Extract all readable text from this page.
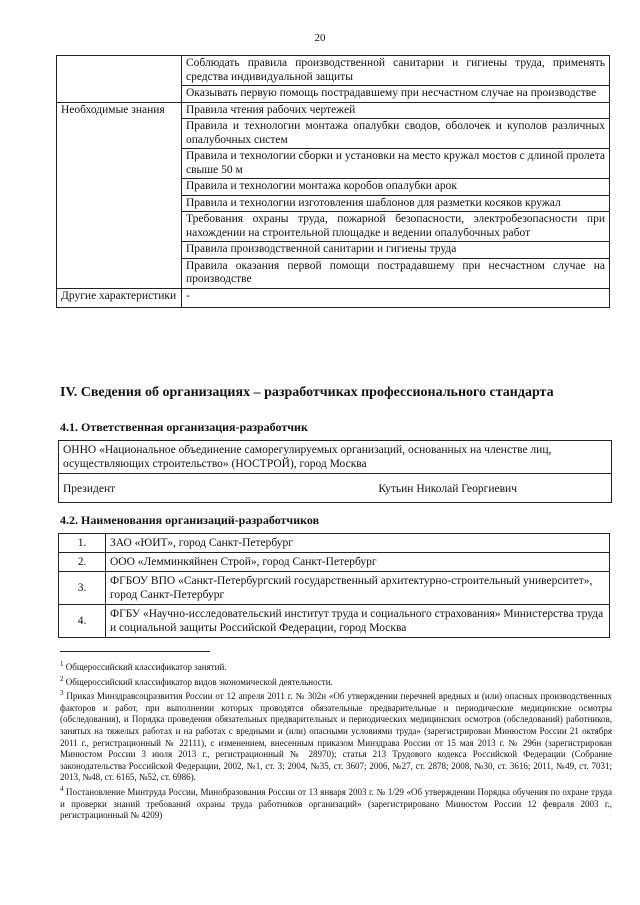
20
	Соблюдать правила производственной санитарии и гигиены труда, применять средства индивидуальной защиты
	Оказывать первую помощь пострадавшему при несчастном случае на производстве
Необходимые знания	Правила чтения рабочих чертежей
	Правила и технологии монтажа опалубки сводов, оболочек и куполов различных опалубочных систем
	Правила и технологии сборки и установки на место кружал мостов с длиной пролета свыше 50 м
	Правила и технологии монтажа коробов опалубки арок
	Правила и технологии изготовления шаблонов для разметки косяков кружал
	Требования охраны труда, пожарной безопасности, электробезопасности при нахождении на строительной площадке и ведении опалубочных работ
	Правила производственной санитарии и гигиены труда
	Правила оказания первой помощи пострадавшему при несчастном случае на производстве
Другие характеристики	-
IV. Сведения об организациях – разработчиках профессионального стандарта
4.1. Ответственная организация-разработчик
ОННО «Национальное объединение саморегулируемых организаций, основанных на членстве лиц, осуществляющих строительство» (НОСТРОЙ), город Москва
Президент	Кутьин Николай Георгиевич
4.2. Наименования организаций-разработчиков
1.	ЗАО «ЮИТ», город Санкт-Петербург
2.	ООО «Лемминкяйнен Строй», город Санкт-Петербург
3.	ФГБОУ ВПО «Санкт-Петербургский государственный архитектурно-строительный университет», город Санкт-Петербург
4.	ФГБУ «Научно-исследовательский институт труда и социального страхования» Министерства труда и социальной защиты Российской Федерации, город Москва

$^1$ Общероссийский классификатор занятий.

$^2$ Общероссийский классификатор видов экономической деятельности.

$^3$ Приказ Минздравсоцразвития России от 12 апреля 2011 г. № 302н «Об утверждении перечней вредных и (или) опасных производственных факторов и работ, при выполнении которых проводятся обязательные предварительные и периодические медицинские осмотры (обследования), и Порядка проведения обязательных предварительных и периодических медицинских осмотров (обследований) работников, занятых на тяжелых работах и на работах с вредными и (или) опасными условиями труда» (зарегистрирован Минюстом России 21 октября 2011 г., регистрационный № 22111), с изменением, внесенным приказом Минздрава России от 15 мая 2013 г. № 296н (зарегистрирован Минюстом России 3 июля 2013 г., регистрационный № 28970); статья 213 Трудового кодекса Российской Федерации (Собрание законодательства Российской Федерации, 2002, №1, ст. 3; 2004, №35, ст. 3607; 2006, №27, ст. 2878; 2008, №30, ст. 3616; 2011, №49, ст. 7031; 2013, №48, ст. 6165, №52, ст. 6986).

$^4$ Постановление Минтруда России, Минобразования России от 13 января 2003 г. № 1/29 «Об утверждении Порядка обучения по охране труда и проверки знаний требований охраны труда работников организаций» (зарегистрировано Минюстом России 12 февраля 2003 г., регистрационный № 4209)
